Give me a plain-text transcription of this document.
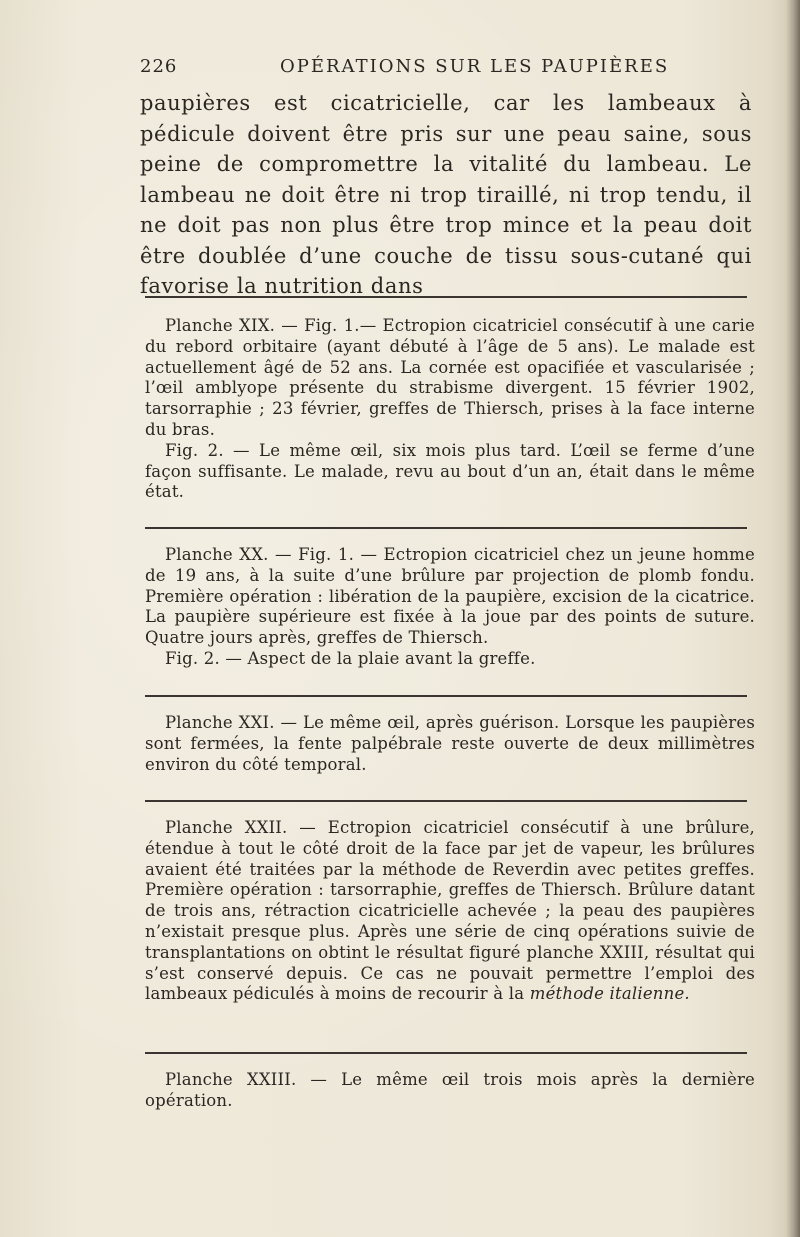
226	OPÉRATIONS SUR LES PAUPIÈRES
paupières est cicatricielle, car les lambeaux à pédicule doivent être pris sur une peau saine, sous peine de compromettre la vitalité du lambeau. Le lambeau ne doit être ni trop tiraillé, ni trop tendu, il ne doit pas non plus être trop mince et la peau doit être doublée d’une couche de tissu sous-cutané qui favorise la nutrition dans

Planche XIX. — Fig. 1.— Ectropion cicatriciel consécutif à une carie du rebord orbitaire (ayant débuté à l’âge de 5 ans). Le malade est actuellement âgé de 52 ans. La cornée est opacifiée et vascularisée ; l’œil amblyope présente du strabisme divergent. 15 février 1902, tarsorraphie ; 23 février, greffes de Thiersch, prises à la face interne du bras.

Fig. 2. — Le même œil, six mois plus tard. L’œil se ferme d’une façon suffisante. Le malade, revu au bout d’un an, était dans le même état.

Planche XX. — Fig. 1. — Ectropion cicatriciel chez un jeune homme de 19 ans, à la suite d’une brûlure par projection de plomb fondu. Première opération : libération de la paupière, excision de la cicatrice. La paupière supérieure est fixée à la joue par des points de suture. Quatre jours après, greffes de Thiersch.

Fig. 2. — Aspect de la plaie avant la greffe.

Planche XXI. — Le même œil, après guérison. Lorsque les paupières sont fermées, la fente palpébrale reste ouverte de deux millimètres environ du côté temporal.

Planche XXII. — Ectropion cicatriciel consécutif à une brûlure, étendue à tout le côté droit de la face par jet de vapeur, les brûlures avaient été traitées par la méthode de Reverdin avec petites greffes. Première opération : tarsorraphie, greffes de Thiersch. Brûlure datant de trois ans, rétraction cicatricielle achevée ; la peau des paupières n’existait presque plus. Après une série de cinq opérations suivie de transplantations on obtint le résultat figuré planche XXIII, résultat qui s’est conservé depuis. Ce cas ne pouvait permettre l’emploi des lambeaux pédiculés à moins de recourir à la méthode italienne.

Planche XXIII. — Le même œil trois mois après la dernière opération.
